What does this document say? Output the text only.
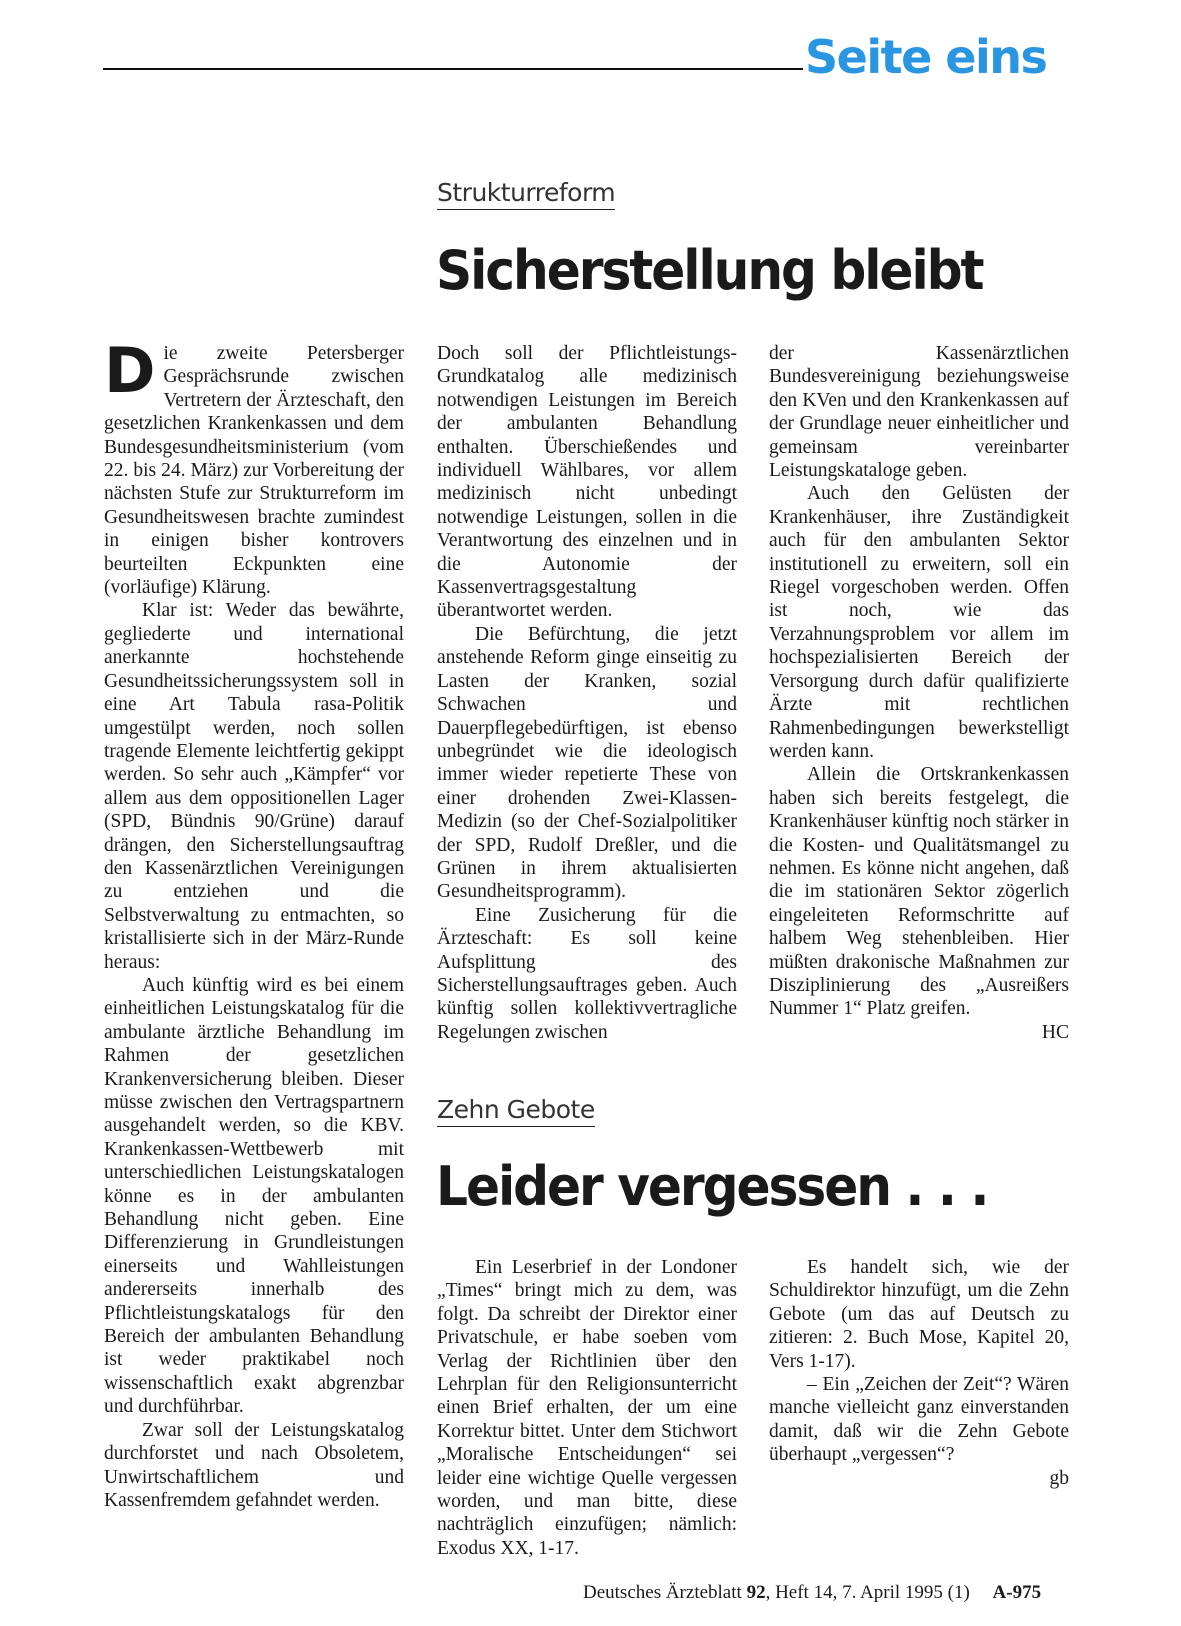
Seite eins
Strukturreform
Sicherstellung bleibt

Die zweite Petersberger Gesprächsrunde zwischen Vertretern der Ärzteschaft, den gesetzlichen Krankenkassen und dem Bundesgesundheitsministerium (vom 22. bis 24. März) zur Vorbereitung der nächsten Stufe zur Strukturreform im Gesundheitswesen brachte zumindest in einigen bisher kontrovers beurteilten Eckpunkten eine (vorläufige) Klärung.

Klar ist: Weder das bewährte, gegliederte und international anerkannte hochstehende Gesundheitssicherungssystem soll in eine Art Tabula rasa-Politik umgestülpt werden, noch sollen tragende Elemente leichtfertig gekippt werden. So sehr auch „Kämpfer“ vor allem aus dem oppositionellen Lager (SPD, Bündnis 90/Grüne) darauf drängen, den Sicherstellungsauftrag den Kassenärztlichen Vereinigungen zu entziehen und die Selbstverwaltung zu entmachten, so kristallisierte sich in der März-Runde heraus:

Auch künftig wird es bei einem einheitlichen Leistungskatalog für die ambulante ärztliche Behandlung im Rahmen der gesetzlichen Krankenversicherung bleiben. Dieser müsse zwischen den Vertragspartnern ausgehandelt werden, so die KBV. Krankenkassen-Wettbewerb mit unterschiedlichen Leistungskatalogen könne es in der ambulanten Behandlung nicht geben. Eine Differenzierung in Grundleistungen einerseits und Wahlleistungen andererseits innerhalb des Pflichtleistungskatalogs für den Bereich der ambulanten Behandlung ist weder praktikabel noch wissenschaftlich exakt abgrenzbar und durchführbar.

Zwar soll der Leistungskatalog durchforstet und nach Obsoletem, Unwirtschaftlichem und Kassenfremdem gefahndet werden.

Doch soll der Pflichtleistungs-Grundkatalog alle medizinisch notwendigen Leistungen im Bereich der ambulanten Behandlung enthalten. Überschießendes und individuell Wählbares, vor allem medizinisch nicht unbedingt notwendige Leistungen, sollen in die Verantwortung des einzelnen und in die Autonomie der Kassenvertragsgestaltung überantwortet werden.

Die Befürchtung, die jetzt anstehende Reform ginge einseitig zu Lasten der Kranken, sozial Schwachen und Dauerpflegebedürftigen, ist ebenso unbegründet wie die ideologisch immer wieder repetierte These von einer drohenden Zwei-Klassen-Medizin (so der Chef-Sozialpolitiker der SPD, Rudolf Dreßler, und die Grünen in ihrem aktualisierten Gesundheitsprogramm).

Eine Zusicherung für die Ärzteschaft: Es soll keine Aufsplittung des Sicherstellungsauftrages geben. Auch künftig sollen kollektivvertragliche Regelungen zwischen

der Kassenärztlichen Bundesvereinigung beziehungsweise den KVen und den Krankenkassen auf der Grundlage neuer einheitlicher und gemeinsam vereinbarter Leistungskataloge geben.

Auch den Gelüsten der Krankenhäuser, ihre Zuständigkeit auch für den ambulanten Sektor institutionell zu erweitern, soll ein Riegel vorgeschoben werden. Offen ist noch, wie das Verzahnungsproblem vor allem im hochspezialisierten Bereich der Versorgung durch dafür qualifizierte Ärzte mit rechtlichen Rahmenbedingungen bewerkstelligt werden kann.

Allein die Ortskrankenkassen haben sich bereits festgelegt, die Krankenhäuser künftig noch stärker in die Kosten- und Qualitätsmangel zu nehmen. Es könne nicht angehen, daß die im stationären Sektor zögerlich eingeleiteten Reformschritte auf halbem Weg stehenbleiben. Hier müßten drakonische Maßnahmen zur Disziplinierung des „Ausreißers Nummer 1“ Platz greifen.

HC
Zehn Gebote
Leider vergessen . . .

Ein Leserbrief in der Londoner „Times“ bringt mich zu dem, was folgt. Da schreibt der Direktor einer Privatschule, er habe soeben vom Verlag der Richtlinien über den Lehrplan für den Religionsunterricht einen Brief erhalten, der um eine Korrektur bittet. Unter dem Stichwort „Moralische Entscheidungen“ sei leider eine wichtige Quelle vergessen worden, und man bitte, diese nachträglich einzufügen; nämlich: Exodus XX, 1-17.

Es handelt sich, wie der Schuldirektor hinzufügt, um die Zehn Gebote (um das auf Deutsch zu zitieren: 2. Buch Mose, Kapitel 20, Vers 1-17).

– Ein „Zeichen der Zeit“? Wären manche vielleicht ganz einverstanden damit, daß wir die Zehn Gebote überhaupt „vergessen“?

gb
Deutsches Ärzteblatt 92, Heft 14, 7. April 1995 (1) A-975
